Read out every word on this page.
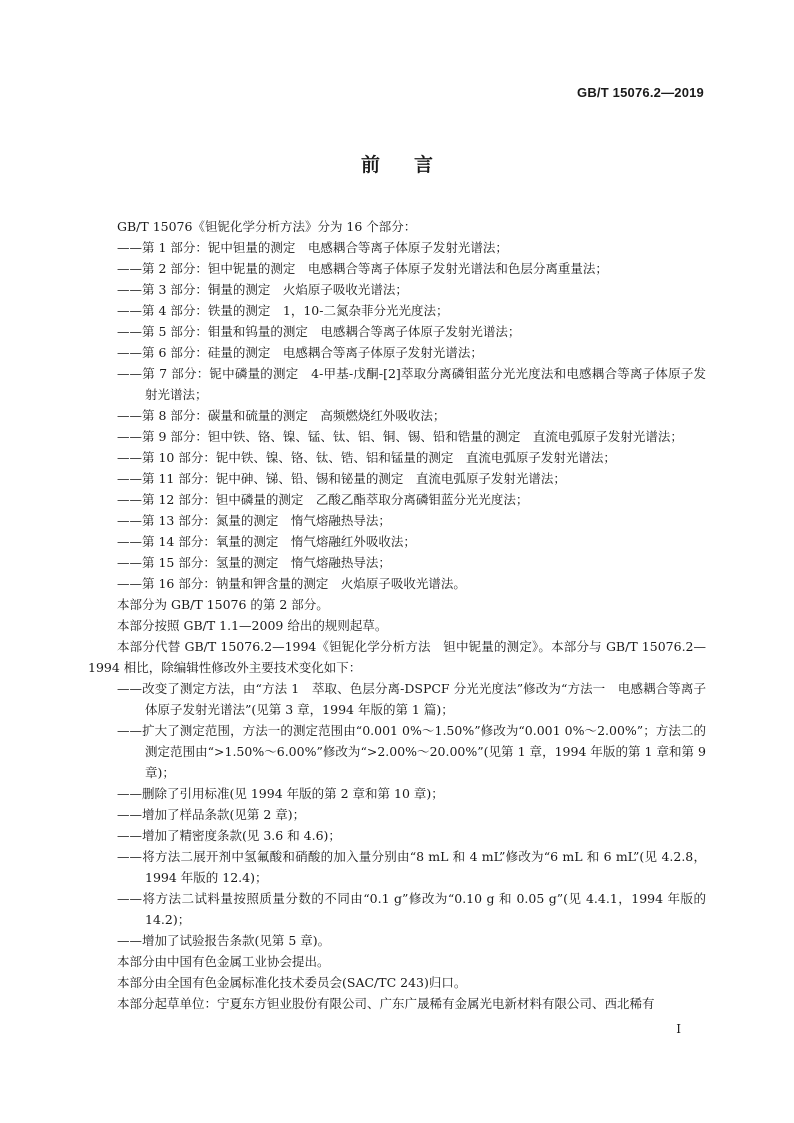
GB/T 15076.2—2019
前言

GB/T 15076《钽铌化学分析方法》分为 16 个部分：

——第 1 部分：铌中钽量的测定　电感耦合等离子体原子发射光谱法；

——第 2 部分：钽中铌量的测定　电感耦合等离子体原子发射光谱法和色层分离重量法；

——第 3 部分：铜量的测定　火焰原子吸收光谱法；

——第 4 部分：铁量的测定　1，10-二氮杂菲分光光度法；

——第 5 部分：钼量和钨量的测定　电感耦合等离子体原子发射光谱法；

——第 6 部分：硅量的测定　电感耦合等离子体原子发射光谱法；

——第 7 部分：铌中磷量的测定　4-甲基-戊酮-[2]萃取分离磷钼蓝分光光度法和电感耦合等离子体原子发射光谱法；

——第 8 部分：碳量和硫量的测定　高频燃烧红外吸收法；

——第 9 部分：钽中铁、铬、镍、锰、钛、铝、铜、锡、铅和锆量的测定　直流电弧原子发射光谱法；

——第 10 部分：铌中铁、镍、铬、钛、锆、铝和锰量的测定　直流电弧原子发射光谱法；

——第 11 部分：铌中砷、锑、铅、锡和铋量的测定　直流电弧原子发射光谱法；

——第 12 部分：钽中磷量的测定　乙酸乙酯萃取分离磷钼蓝分光光度法；

——第 13 部分：氮量的测定　惰气熔融热导法；

——第 14 部分：氧量的测定　惰气熔融红外吸收法；

——第 15 部分：氢量的测定　惰气熔融热导法；

——第 16 部分：钠量和钾含量的测定　火焰原子吸收光谱法。

本部分为 GB/T 15076 的第 2 部分。

本部分按照 GB/T 1.1—2009 给出的规则起草。

本部分代替 GB/T 15076.2—1994《钽铌化学分析方法　钽中铌量的测定》。本部分与 GB/T 15076.2—1994 相比，除编辑性修改外主要技术变化如下：

——改变了测定方法，由“方法 1　萃取、色层分离-DSPCF 分光光度法”修改为“方法一　电感耦合等离子体原子发射光谱法”(见第 3 章，1994 年版的第 1 篇)；

——扩大了测定范围，方法一的测定范围由“0.001 0%～1.50%”修改为“0.001 0%～2.00%”；方法二的测定范围由“>1.50%～6.00%”修改为“>2.00%～20.00%”(见第 1 章，1994 年版的第 1 章和第 9 章)；

——删除了引用标准(见 1994 年版的第 2 章和第 10 章)；

——增加了样品条款(见第 2 章)；

——增加了精密度条款(见 3.6 和 4.6)；

——将方法二展开剂中氢氟酸和硝酸的加入量分别由“8 mL 和 4 mL”修改为“6 mL 和 6 mL”(见 4.2.8，1994 年版的 12.4)；

——将方法二试料量按照质量分数的不同由“0.1 g”修改为“0.10 g 和 0.05 g”(见 4.4.1，1994 年版的 14.2)；

——增加了试验报告条款(见第 5 章)。

本部分由中国有色金属工业协会提出。

本部分由全国有色金属标准化技术委员会(SAC/TC 243)归口。

本部分起草单位：宁夏东方钽业股份有限公司、广东广晟稀有金属光电新材料有限公司、西北稀有

I
